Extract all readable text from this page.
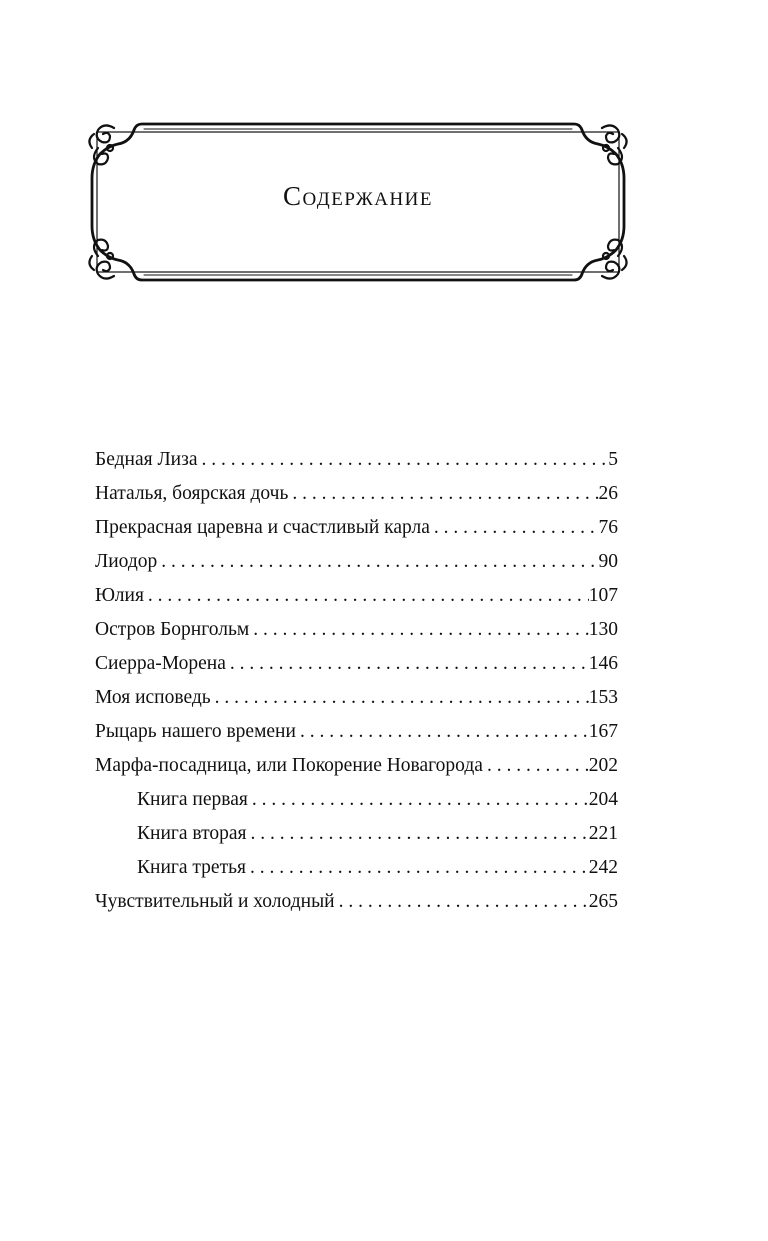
Содержание
Бедная Лиза . . .	5
Наталья, боярская дочь . . .	26
Прекрасная царевна и счастливый карла . . .	76
Лиодор . . .	90
Юлия . . .	107
Остров Борнгольм . . .	130
Сиерра-Морена . . .	146
Моя исповедь . . .	153
Рыцарь нашего времени . . .	167
Марфа-посадница, или Покорение Новагорода . . .	202
Книга первая . . .	204
Книга вторая . . .	221
Книга третья . . .	242
Чувствительный и холодный . . .	265
